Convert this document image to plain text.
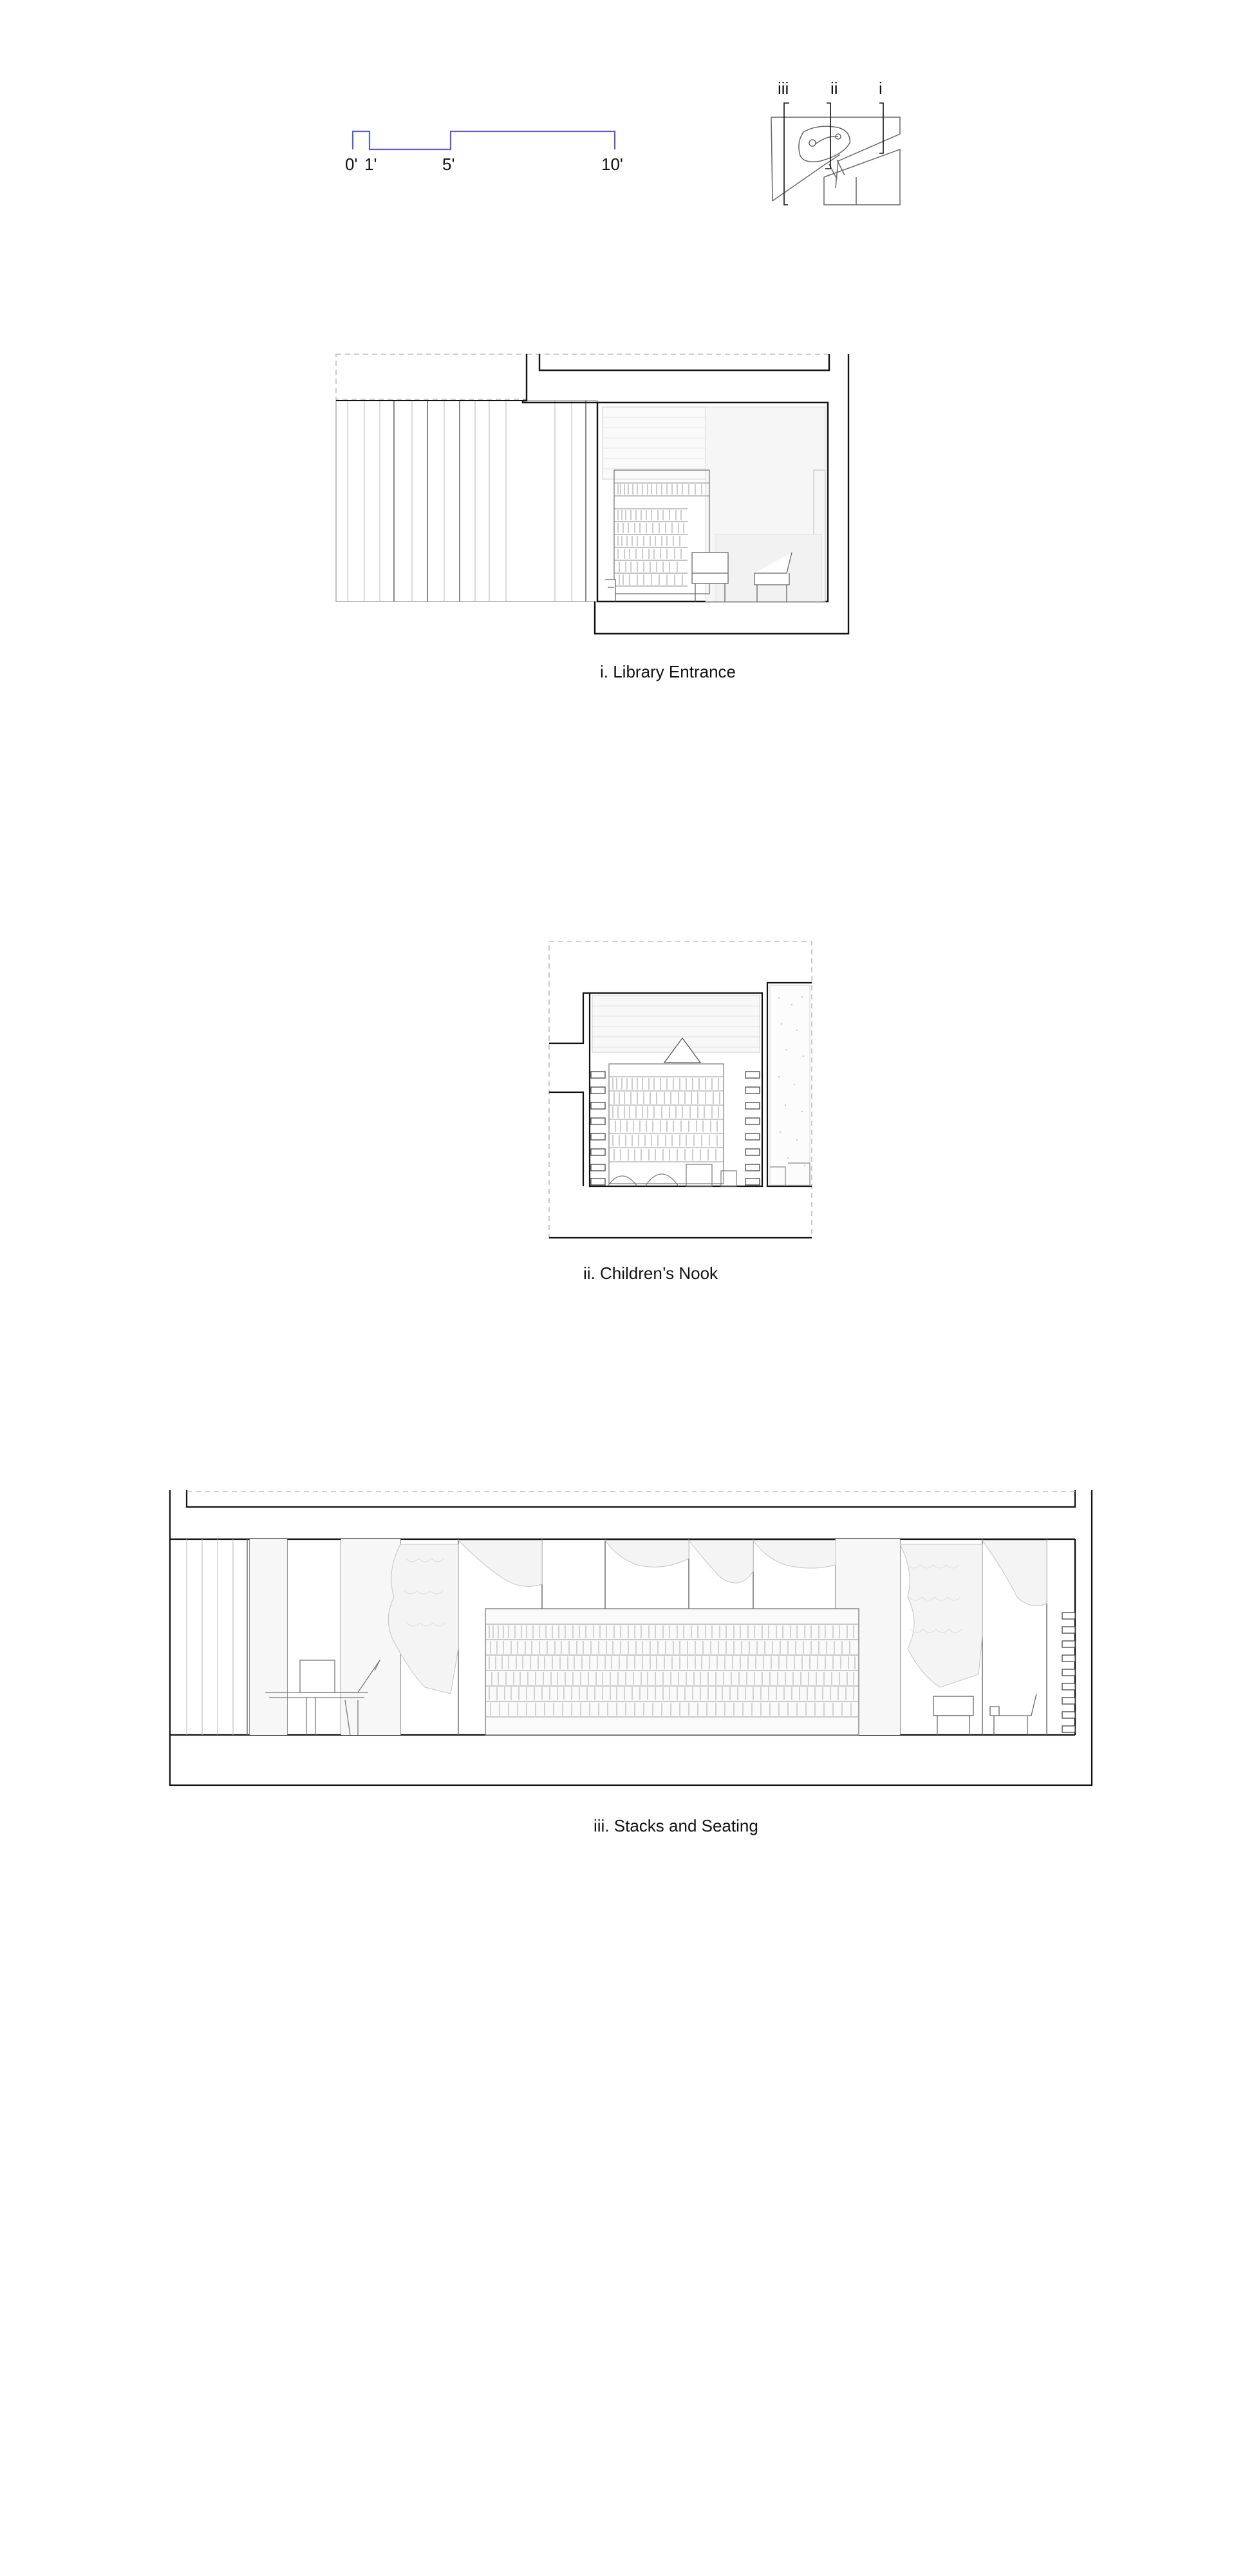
0' 1'	5'	10'
iii ii i
i. Library Entrance
ii. Children’s Nook
iii. Stacks and Seating
